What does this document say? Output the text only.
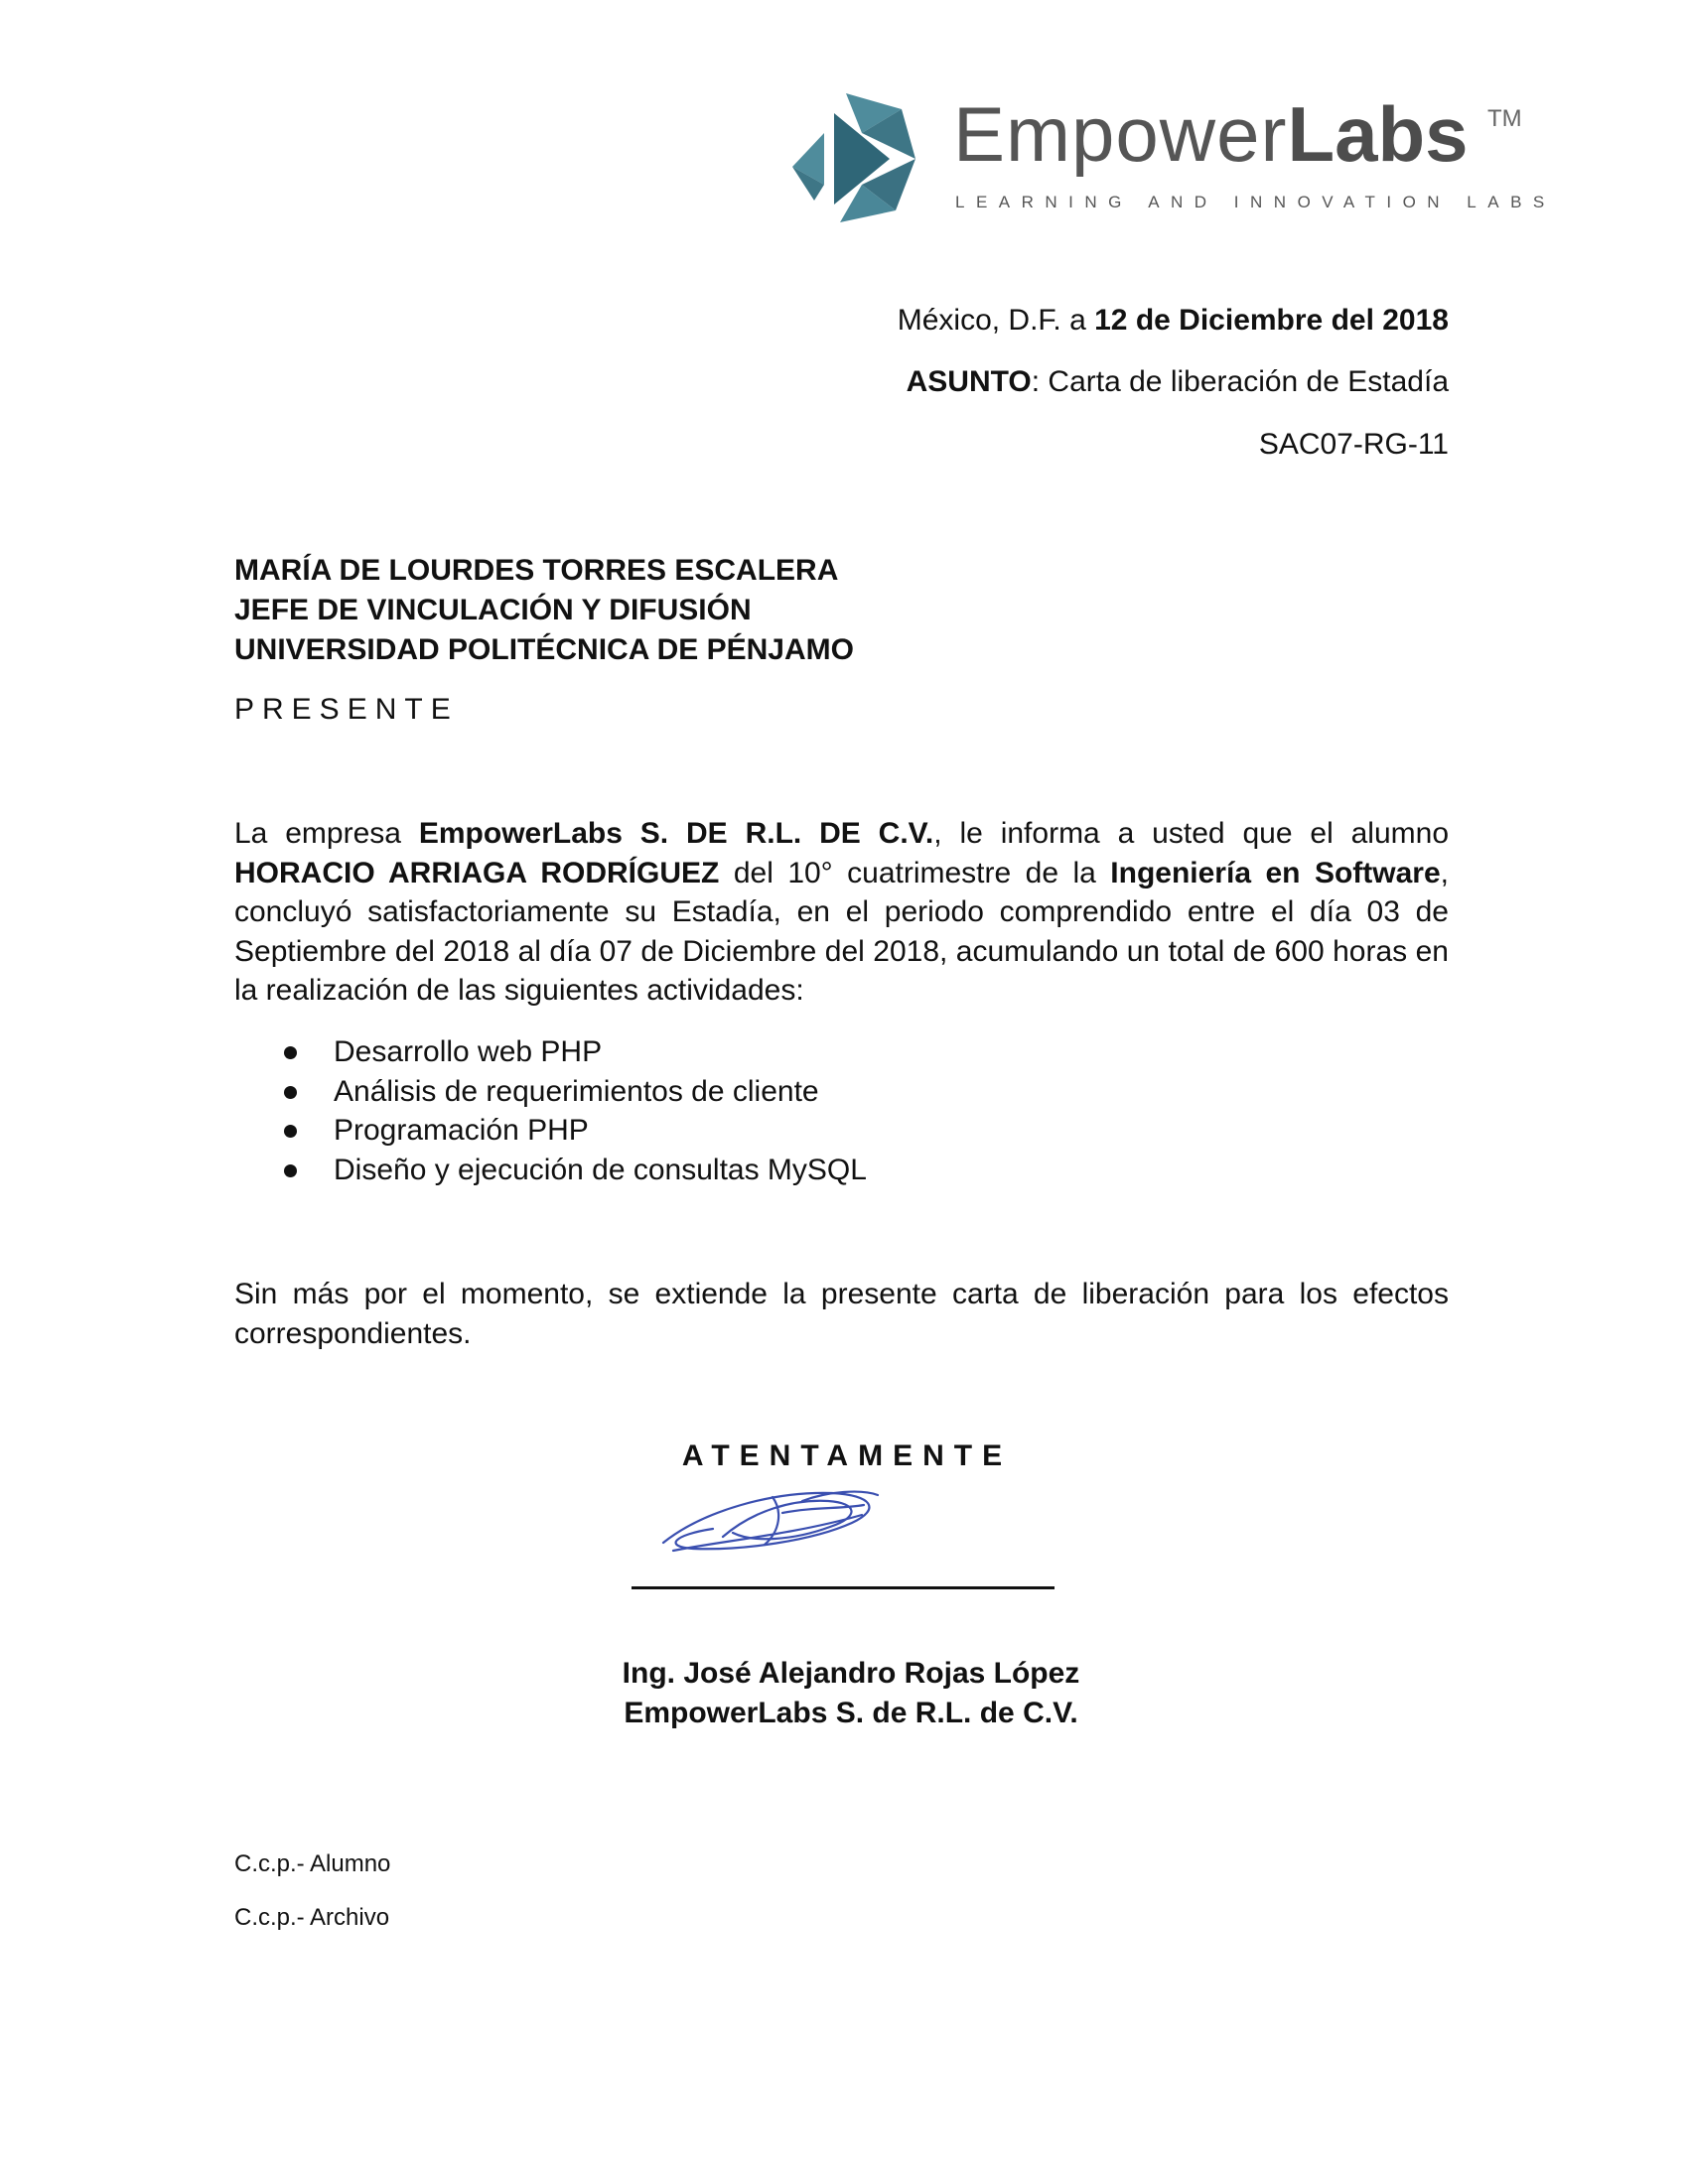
EmpowerLabs TM
LEARNING AND INNOVATION LABS
México, D.F. a 12 de Diciembre del 2018
ASUNTO: Carta de liberación de Estadía
SAC07-RG-11
MARÍA DE LOURDES TORRES ESCALERA
JEFE DE VINCULACIÓN Y DIFUSIÓN
UNIVERSIDAD POLITÉCNICA DE PÉNJAMO
PRESENTE
La empresa EmpowerLabs S. DE R.L. DE C.V., le informa a usted que el alumno HORACIO ARRIAGA RODRÍGUEZ del 10° cuatrimestre de la Ingeniería en Software, concluyó satisfactoriamente su Estadía, en el periodo comprendido entre el día 03 de Septiembre del 2018 al día 07 de Diciembre del 2018, acumulando un total de 600 horas en la realización de las siguientes actividades:
Desarrollo web PHP
Análisis de requerimientos de cliente
Programación PHP
Diseño y ejecución de consultas MySQL
Sin más por el momento, se extiende la presente carta de liberación para los efectos correspondientes.
ATENTAMENTE
Ing. José Alejandro Rojas López
EmpowerLabs S. de R.L. de C.V.
C.c.p.- Alumno
C.c.p.- Archivo
